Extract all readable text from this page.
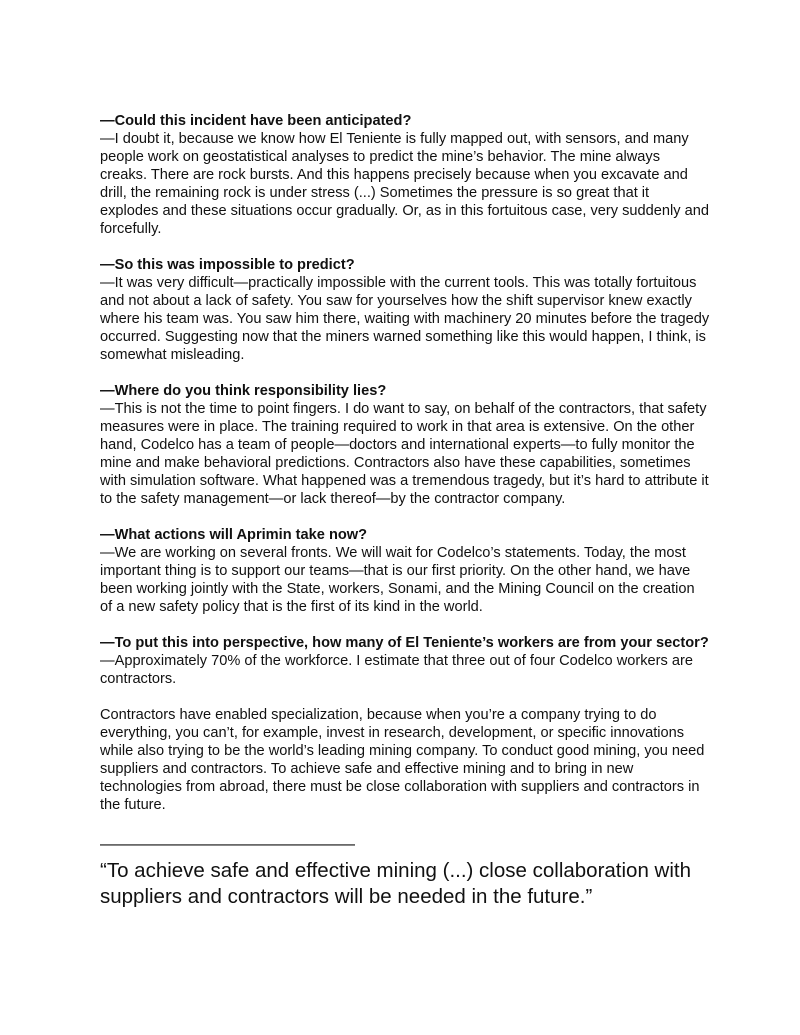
—Could this incident have been anticipated?

—I doubt it, because we know how El Teniente is fully mapped out, with sensors, and many people work on geostatistical analyses to predict the mine’s behavior. The mine always creaks. There are rock bursts. And this happens precisely because when you excavate and drill, the remaining rock is under stress (...) Sometimes the pressure is so great that it explodes and these situations occur gradually. Or, as in this fortuitous case, very suddenly and forcefully.

—So this was impossible to predict?

—It was very difficult—practically impossible with the current tools. This was totally fortuitous and not about a lack of safety. You saw for yourselves how the shift supervisor knew exactly where his team was. You saw him there, waiting with machinery 20 minutes before the tragedy occurred. Suggesting now that the miners warned something like this would happen, I think, is somewhat misleading.

—Where do you think responsibility lies?

—This is not the time to point fingers. I do want to say, on behalf of the contractors, that safety measures were in place. The training required to work in that area is extensive. On the other hand, Codelco has a team of people—doctors and international experts—to fully monitor the mine and make behavioral predictions. Contractors also have these capabilities, sometimes with simulation software. What happened was a tremendous tragedy, but it’s hard to attribute it to the safety management—or lack thereof—by the contractor company.

—What actions will Aprimin take now?

—We are working on several fronts. We will wait for Codelco’s statements. Today, the most important thing is to support our teams—that is our first priority. On the other hand, we have been working jointly with the State, workers, Sonami, and the Mining Council on the creation of a new safety policy that is the first of its kind in the world.

—To put this into perspective, how many of El Teniente’s workers are from your sector?

—Approximately 70% of the workforce. I estimate that three out of four Codelco workers are contractors.

Contractors have enabled specialization, because when you’re a company trying to do everything, you can’t, for example, invest in research, development, or specific innovations while also trying to be the world’s leading mining company. To conduct good mining, you need suppliers and contractors. To achieve safe and effective mining and to bring in new technologies from abroad, there must be close collaboration with suppliers and contractors in the future.

———————————————

“To achieve safe and effective mining (...) close collaboration with suppliers and contractors will be needed in the future.”
